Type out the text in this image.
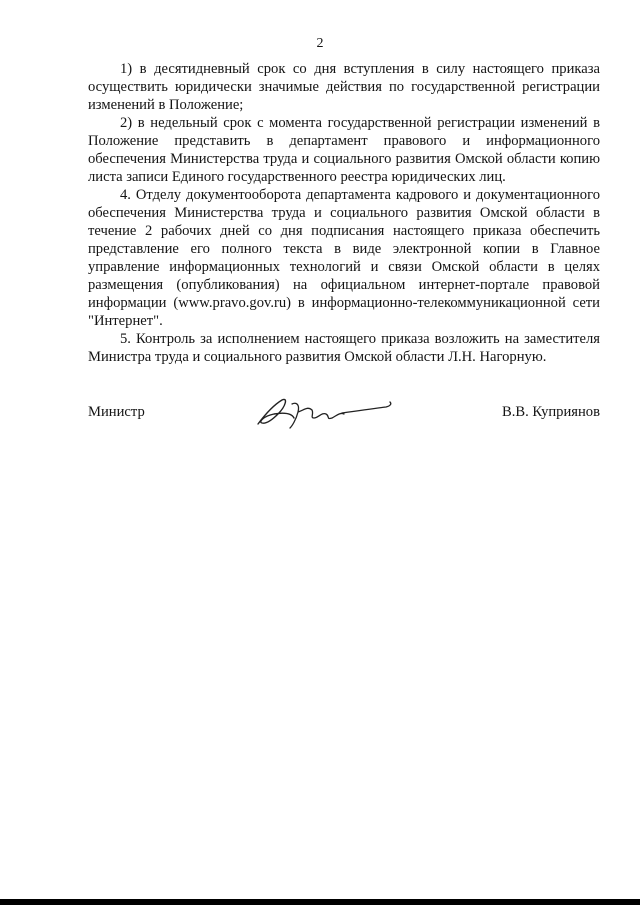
2

1) в десятидневный срок со дня вступления в силу настоящего приказа осуществить юридически значимые действия по государственной регистрации изменений в Положение;

2) в недельный срок с момента государственной регистрации изменений в Положение представить в департамент правового и информационного обеспечения Министерства труда и социального развития Омской области копию листа записи Единого государственного реестра юридических лиц.

4. Отделу документооборота департамента кадрового и документационного обеспечения Министерства труда и социального развития Омской области в течение 2 рабочих дней со дня подписания настоящего приказа обеспечить представление его полного текста в виде электронной копии в Главное управление информационных технологий и связи Омской области в целях размещения (опубликования) на официальном интернет-портале правовой информации (www.pravo.gov.ru) в информационно-телекоммуникационной сети "Интернет".

5. Контроль за исполнением настоящего приказа возложить на заместителя Министра труда и социального развития Омской области Л.Н. Нагорную.

Министр	В.В. Куприянов
